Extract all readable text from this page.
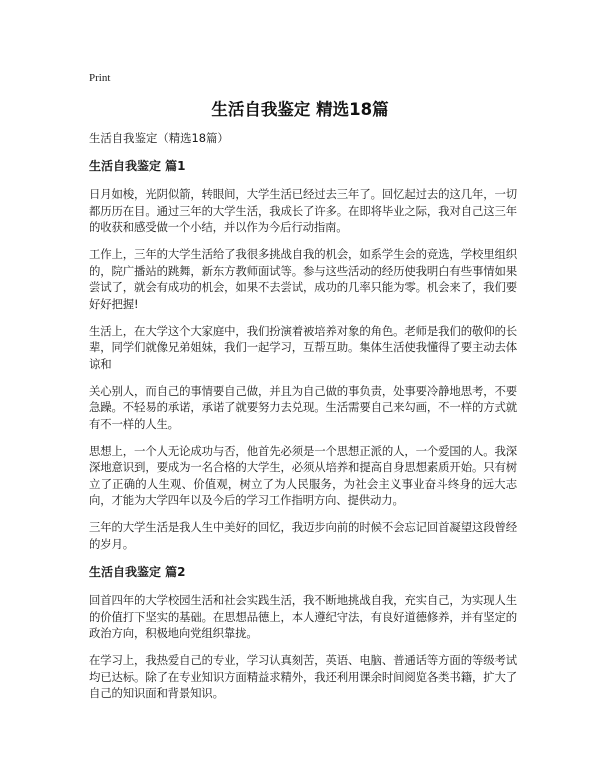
Print
生活自我鉴定 精选18篇

生活自我鉴定（精选18篇）

生活自我鉴定 篇1

日月如梭，光阴似箭，转眼间，大学生活已经过去三年了。回忆起过去的这几年，一切都历历在目。通过三年的大学生活，我成长了许多。在即将毕业之际，我对自己这三年的收获和感受做一个小结，并以作为今后行动指南。

工作上，三年的大学生活给了我很多挑战自我的机会，如系学生会的竞选，学校里组织的，院广播站的跳舞，新东方教师面试等。参与这些活动的经历使我明白有些事情如果尝试了，就会有成功的机会，如果不去尝试，成功的几率只能为零。机会来了，我们要好好把握!

生活上，在大学这个大家庭中，我们扮演着被培养对象的角色。老师是我们的敬仰的长辈，同学们就像兄弟姐妹，我们一起学习，互帮互助。集体生活使我懂得了要主动去体谅和

关心别人，而自己的事情要自己做，并且为自己做的事负责，处事要冷静地思考，不要急躁。不轻易的承诺，承诺了就要努力去兑现。生活需要自己来勾画，不一样的方式就有不一样的人生。

思想上，一个人无论成功与否，他首先必须是一个思想正派的人，一个爱国的人。我深深地意识到，要成为一名合格的大学生，必须从培养和提高自身思想素质开始。只有树立了正确的人生观、价值观，树立了为人民服务，为社会主义事业奋斗终身的远大志向，才能为大学四年以及今后的学习工作指明方向、提供动力。

三年的大学生活是我人生中美好的回忆，我迈步向前的时候不会忘记回首凝望这段曾经的岁月。

生活自我鉴定 篇2

回首四年的大学校园生活和社会实践生活，我不断地挑战自我，充实自己，为实现人生的价值打下坚实的基础。在思想品德上，本人遵纪守法，有良好道德修养，并有坚定的政治方向，积极地向党组织靠拢。

在学习上，我热爱自己的专业，学习认真刻苦，英语、电脑、普通话等方面的等级考试均已达标。除了在专业知识方面精益求精外，我还利用课余时间阅览各类书籍，扩大了自己的知识面和背景知识。
